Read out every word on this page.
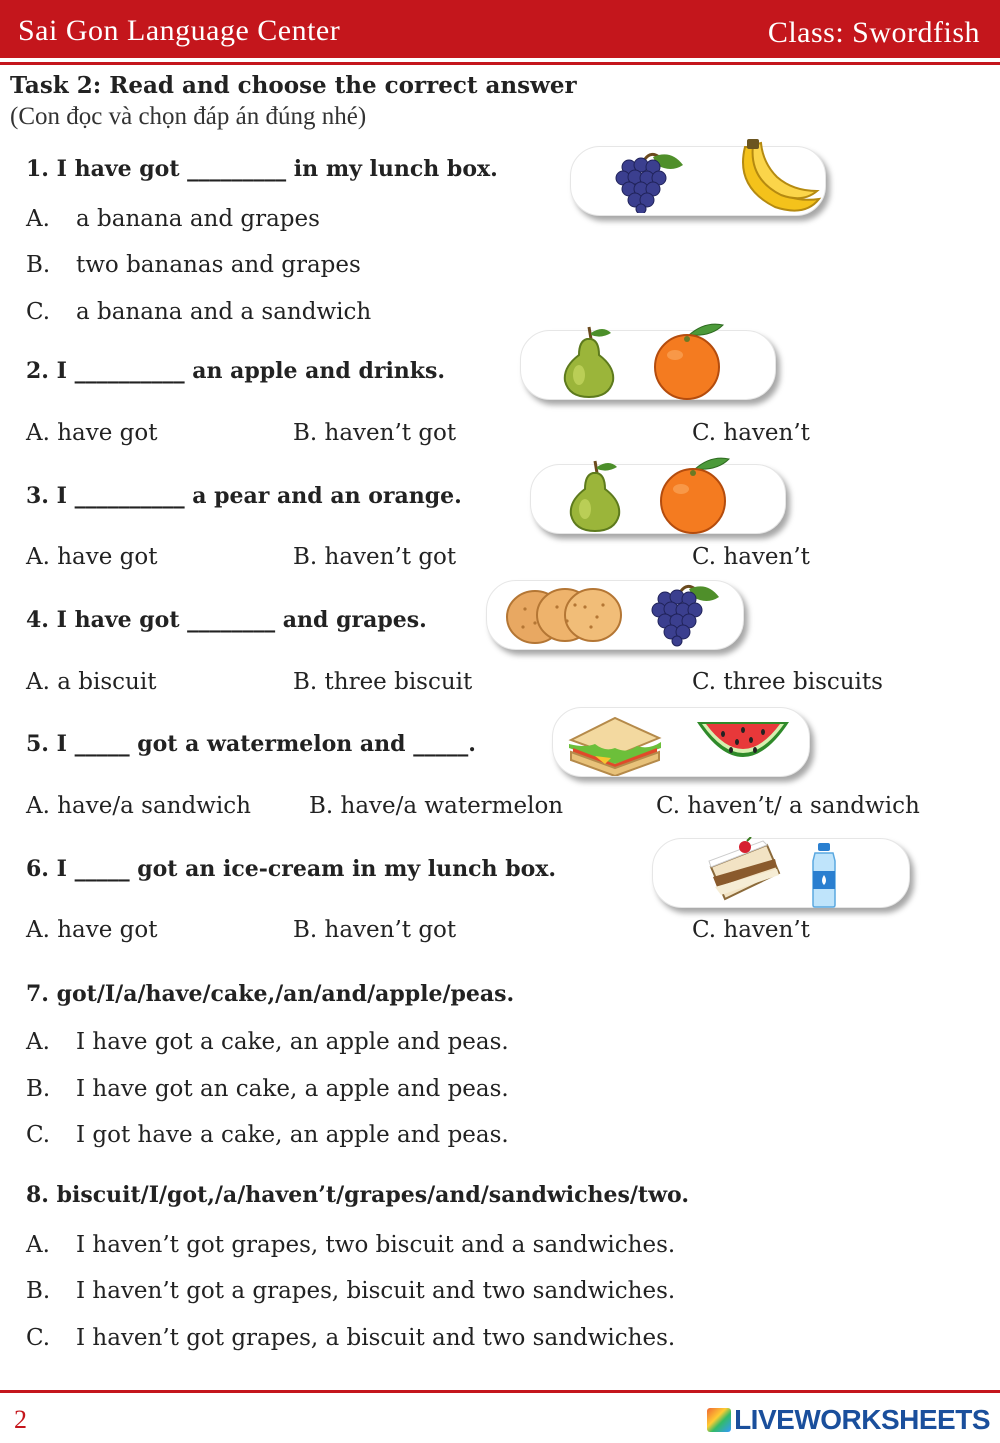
Sai Gon Language Center	Class: Swordfish
Task 2: Read and choose the correct answer
(Con đọc và chọn đáp án đúng nhé)
1. I have got _________ in my lunch box.
A. a banana and grapes
B. two bananas and grapes
C. a banana and a sandwich
2. I __________ an apple and drinks.
A. have got	B. haven’t got	C. haven’t
3. I __________ a pear and an orange.
A. have got	B. haven’t got	C. haven’t
4. I have got ________ and grapes.
A. a biscuit	B. three biscuit	C. three biscuits
5. I _____ got a watermelon and _____.
A. have/a sandwich	B. have/a watermelon	C. haven’t/ a sandwich
6. I _____ got an ice-cream in my lunch box.
A. have got	B. haven’t got	C. haven’t
7. got/I/a/have/cake,/an/and/apple/peas.
A. I have got a cake, an apple and peas.
B. I have got an cake, a apple and peas.
C. I got have a cake, an apple and peas.
8. biscuit/I/got,/a/haven’t/grapes/and/sandwiches/two.
A. I haven’t got grapes, two biscuit and a sandwiches.
B. I haven’t got a grapes, biscuit and two sandwiches.
C. I haven’t got grapes, a biscuit and two sandwiches.
2	LIVEWORKSHEETS
